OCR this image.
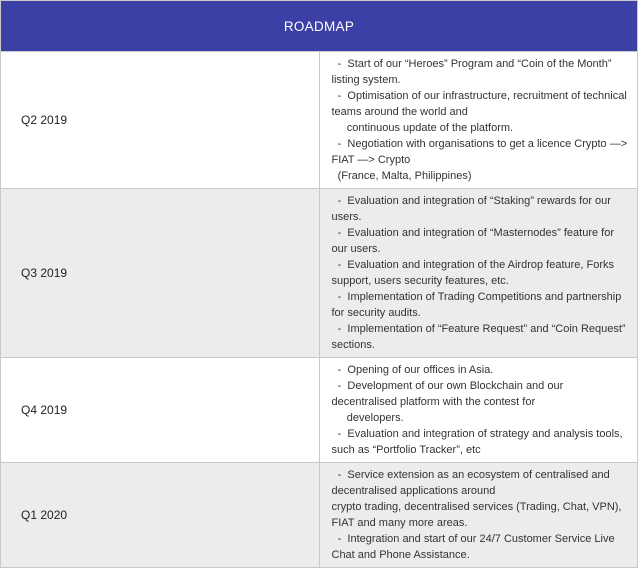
ROADMAP	
Q2 2019	-  Start of our “Heroes” Program and “Coin of the Month” listing system.
-  Optimisation of our infrastructure, recruitment of technical teams around the world and
continuous update of the platform.
-  Negotiation with organisations to get a licence Crypto —> FIAT —> Crypto
(France, Malta, Philippines)

Q3 2019	-  Evaluation and integration of “Staking” rewards for our users.
-  Evaluation and integration of “Masternodes” feature for our users.
-  Evaluation and integration of the Airdrop feature, Forks support, users security features, etc.
-  Implementation of Trading Competitions and partnership for security audits.
-  Implementation of “Feature Request” and “Coin Request” sections.

Q4 2019	-  Opening of our offices in Asia.
-  Development of our own Blockchain and our decentralised platform with the contest for
developers.
-  Evaluation and integration of strategy and analysis tools, such as “Portfolio Tracker”, etc

Q1 2020	-  Service extension as an ecosystem of centralised and decentralised applications around
crypto trading, decentralised services (Trading, Chat, VPN), FIAT and many more areas.
-  Integration and start of our 24/7 Customer Service Live Chat and Phone Assistance.
